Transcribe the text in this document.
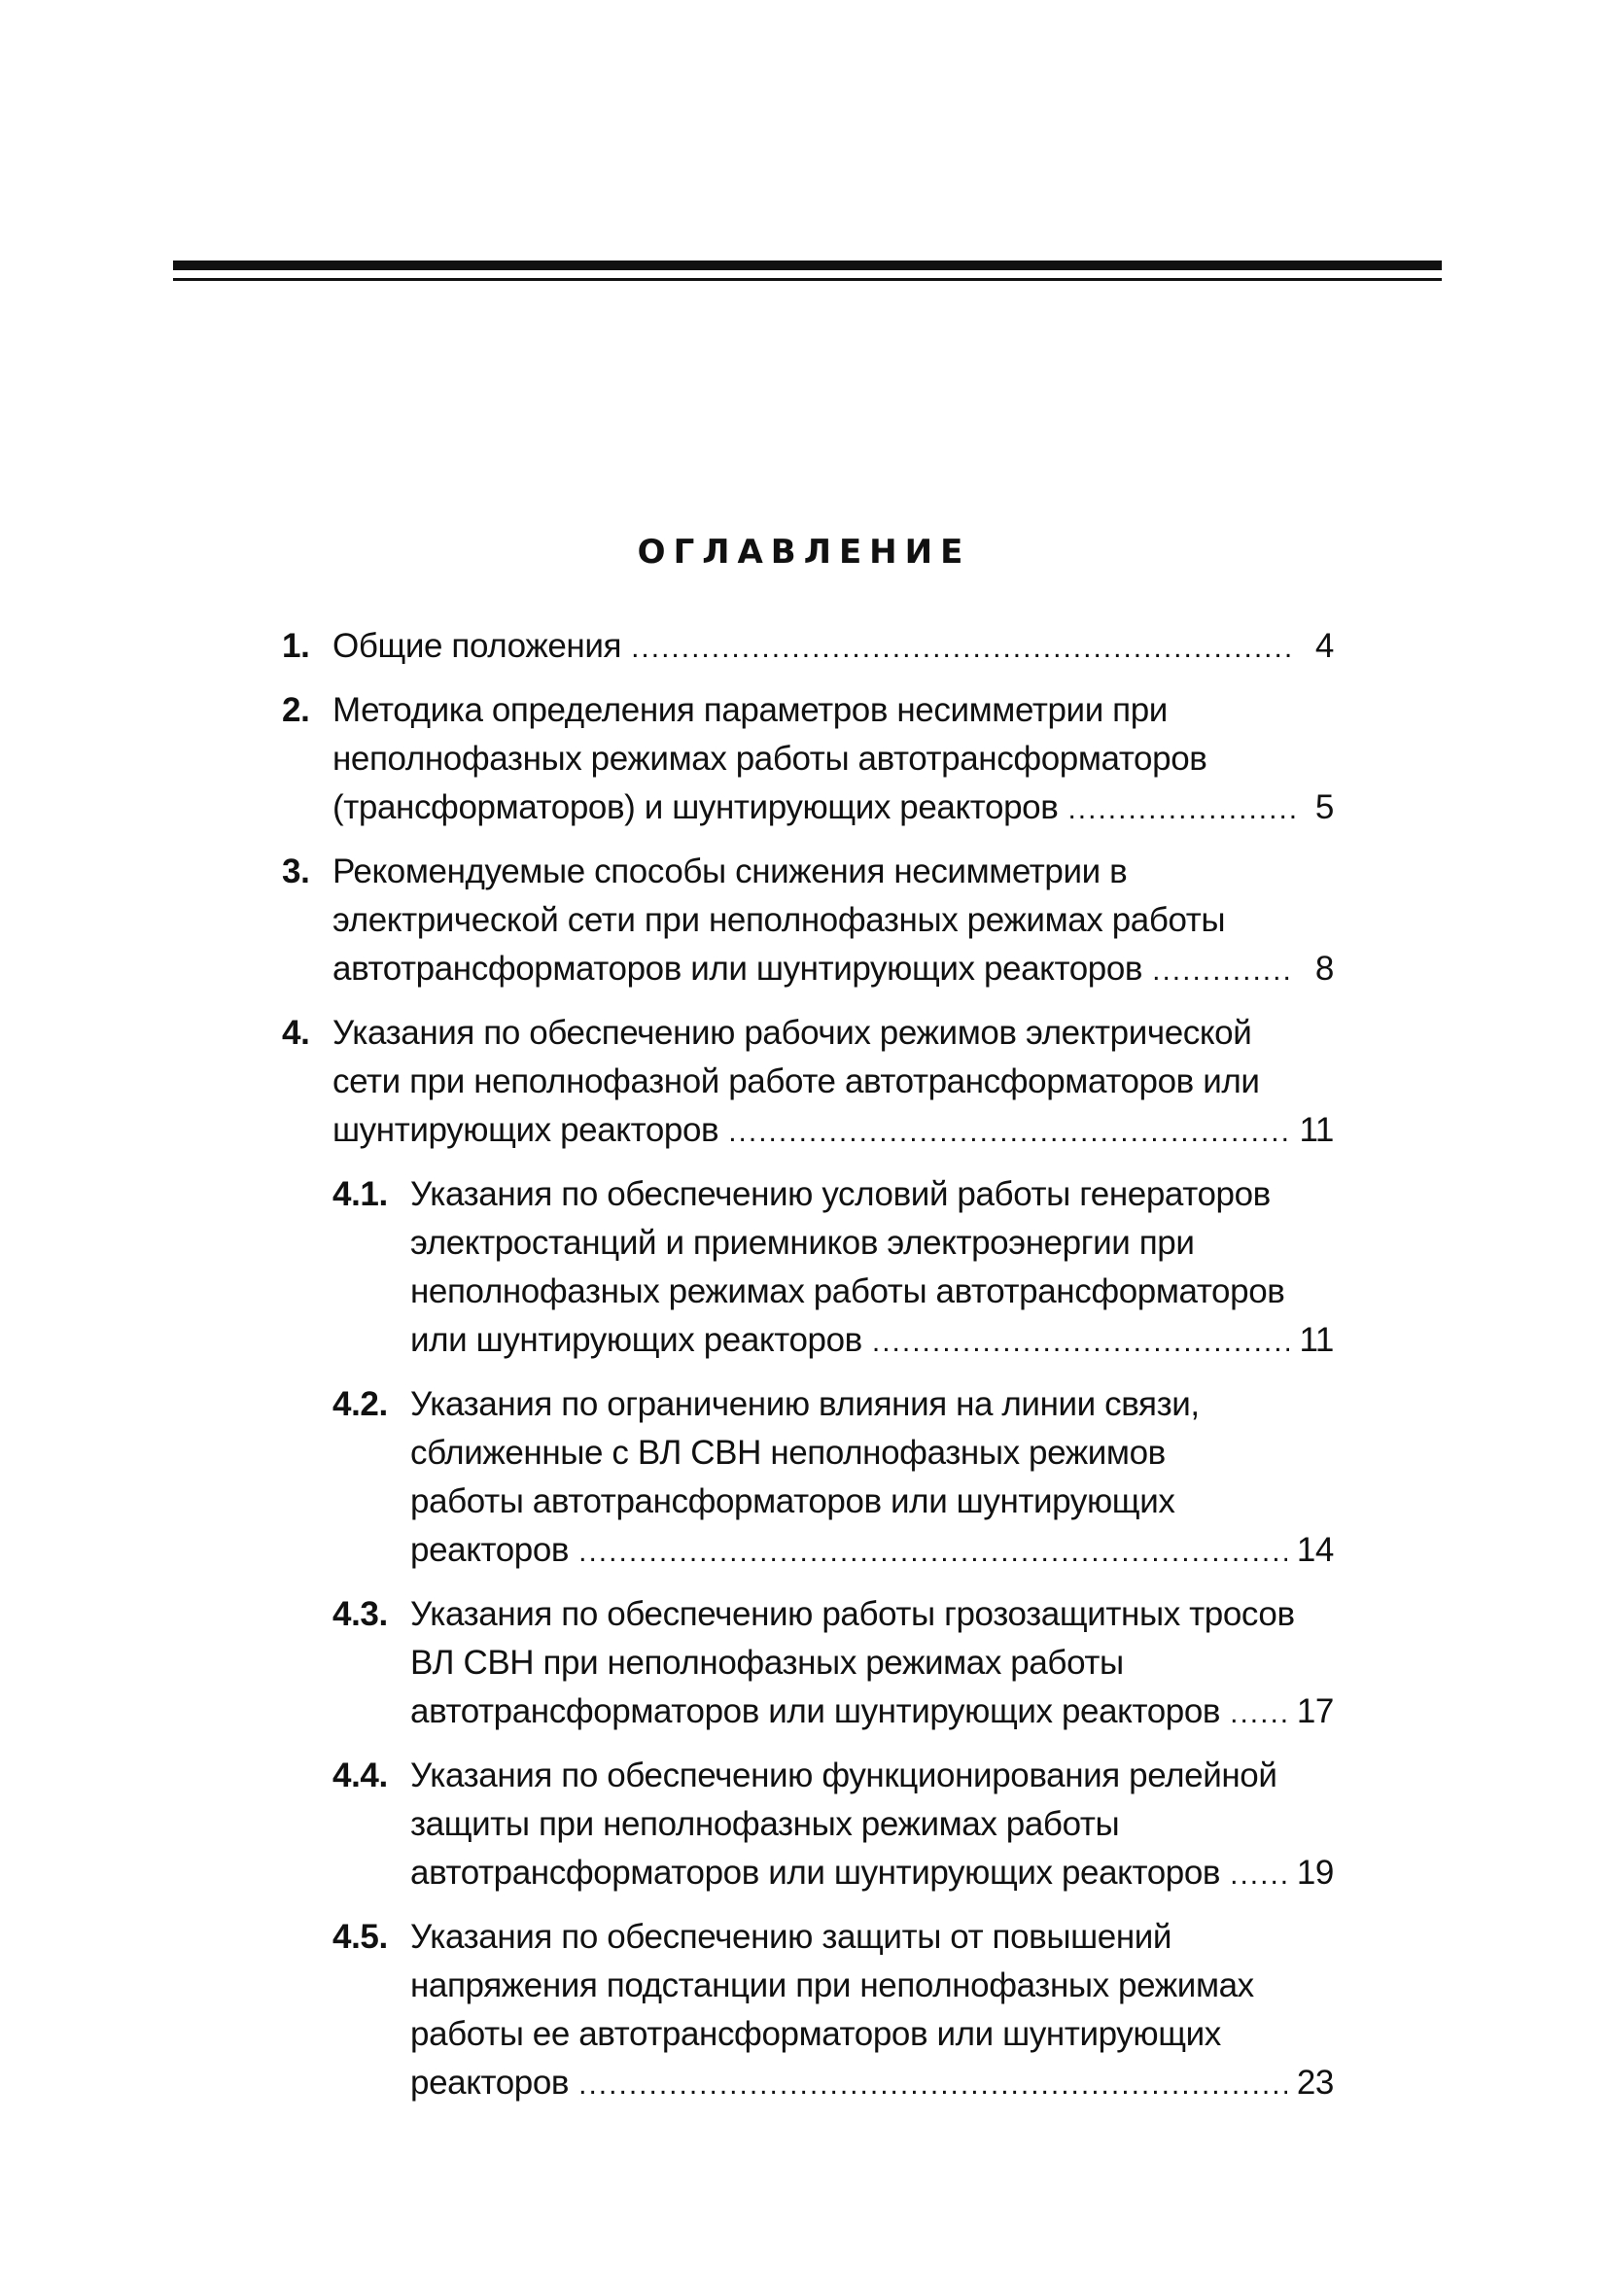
ОГЛАВЛЕНИЕ
1. Общие положения .....	4
2. Методика определения параметров несимметрии при
неполнофазных режимах работы автотрансформаторов
(трансформаторов) и шунтирующих реакторов .....	5
3. Рекомендуемые способы снижения несимметрии в
электрической сети при неполнофазных режимах работы
автотрансформаторов или шунтирующих реакторов .....	8
4. Указания по обеспечению рабочих режимов электрической
сети при неполнофазной работе автотрансформаторов или
шунтирующих реакторов .....	11
4.1. Указания по обеспечению условий работы генераторов
электростанций и приемников электроэнергии при
неполнофазных режимах работы автотрансформаторов
или шунтирующих реакторов .....	11
4.2. Указания по ограничению влияния на линии связи,
сближенные с ВЛ СВН неполнофазных режимов
работы автотрансформаторов или шунтирующих
реакторов .....	14
4.3. Указания по обеспечению работы грозозащитных тросов
ВЛ СВН при неполнофазных режимах работы
автотрансформаторов или шунтирующих реакторов ..... 17
4.4. Указания по обеспечению функционирования релейной
защиты при неполнофазных режимах работы
автотрансформаторов или шунтирующих реакторов ..... 19
4.5. Указания по обеспечению защиты от повышений
напряжения подстанции при неполнофазных режимах
работы ее автотрансформаторов или шунтирующих
реакторов .....	23
